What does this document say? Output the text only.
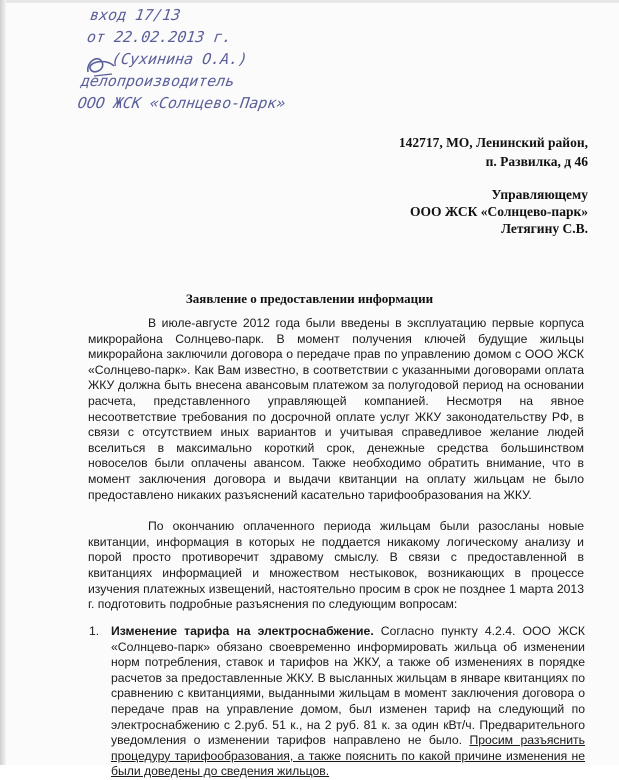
вход 17/13
от 22.02.2013 г.
(Сухинина О.А.)
делопроизводитель
ООО ЖСК «Солнцево-Парк»
142717, МО, Ленинский район,
п. Развилка, д 46
Управляющему
ООО ЖСК «Солнцево-парк»
Летягину С.В.
Заявление о предоставлении информации

В июле-августе 2012 года были введены в эксплуатацию первые корпуса микрорайона Солнцево-парк. В момент получения ключей будущие жильцы микрорайона заключили договора о передаче прав по управлению домом с ООО ЖСК «Солнцево-парк». Как Вам известно, в соответствии с указанными договорами оплата ЖКУ должна быть внесена авансовым платежом за полугодовой период на основании расчета, представленного управляющей компанией. Несмотря на явное несоответствие требования по досрочной оплате услуг ЖКУ законодательству РФ, в связи с отсутствием иных вариантов и учитывая справедливое желание людей вселиться в максимально короткий срок, денежные средства большинством новоселов были оплачены авансом. Также необходимо обратить внимание, что в момент заключения договора и выдачи квитанции на оплату жильцам не было предоставлено никаких разъяснений касательно тарифообразования на ЖКУ.

По окончанию оплаченного периода жильцам были разосланы новые квитанции, информация в которых не поддается никакому логическому анализу и порой просто противоречит здравому смыслу. В связи с предоставленной в квитанциях информацией и множеством нестыковок, возникающих в процессе изучения платежных извещений, настоятельно просим в срок не позднее 1 марта 2013 г. подготовить подробные разъяснения по следующим вопросам:

1. Изменение тарифа на электроснабжение. Согласно пункту 4.2.4. ООО ЖСК «Солнцево-парк» обязано своевременно информировать жильца об изменении норм потребления, ставок и тарифов на ЖКУ, а также об изменениях в порядке расчетов за предоставленные ЖКУ. В высланных жильцам в январе квитанциях по сравнению с квитанциями, выданными жильцам в момент заключения договора о передаче прав на управление домом, был изменен тариф на следующий по электроснабжению с 2.руб. 51 к., на 2 руб. 81 к. за один кВт/ч. Предварительного уведомления о изменении тарифов направлено не было. Просим разъяснить процедуру тарифообразования, а также пояснить по какой причине изменения не были доведены до сведения жильцов.
